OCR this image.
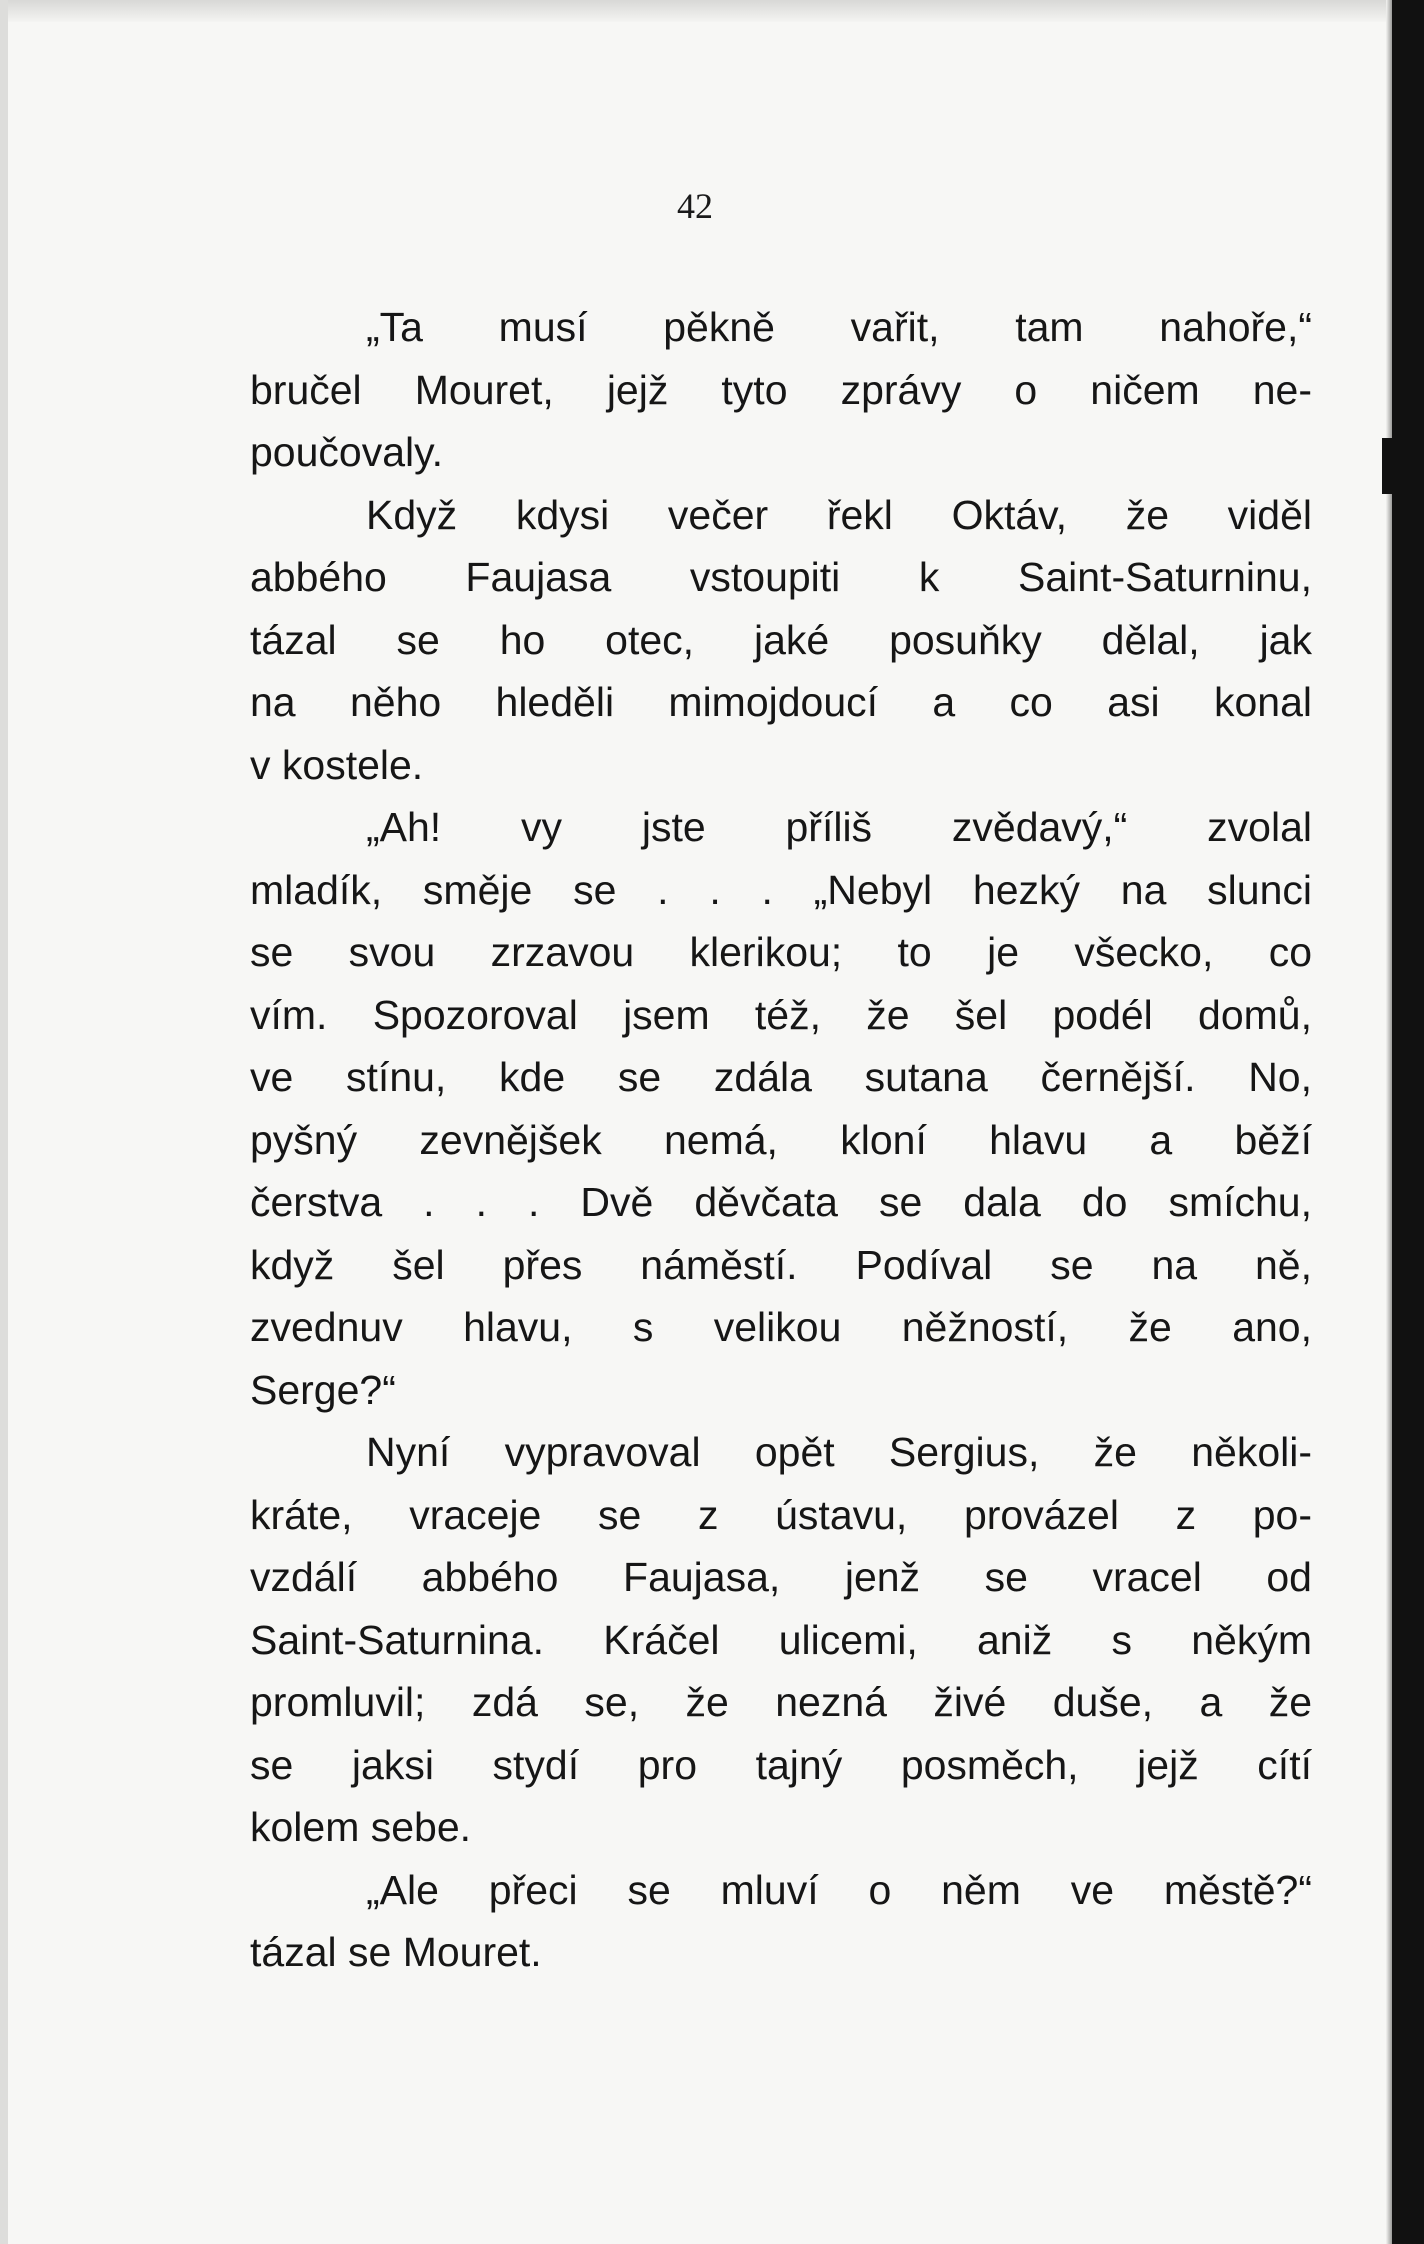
42
„Ta musí pěkně vařit, tam nahoře,“
bručel Mouret, jejž tyto zprávy o ničem ne-
poučovaly.
Když kdysi večer řekl Oktáv, že viděl
abbého Faujasa vstoupiti k Saint-Saturninu,
tázal se ho otec, jaké posuňky dělal, jak
na něho hleděli mimojdoucí a co asi konal
v kostele.
„Ah! vy jste příliš zvědavý,“ zvolal
mladík, směje se . . . „Nebyl hezký na slunci
se svou zrzavou klerikou; to je všecko, co
vím. Spozoroval jsem též, že šel podél domů,
ve stínu, kde se zdála sutana černější. No,
pyšný zevnějšek nemá, kloní hlavu a běží
čerstva . . . Dvě děvčata se dala do smíchu,
když šel přes náměstí. Podíval se na ně,
zvednuv hlavu, s velikou něžností, že ano,
Serge?“
Nyní vypravoval opět Sergius, že několi-
kráte, vraceje se z ústavu, provázel z po-
vzdálí abbého Faujasa, jenž se vracel od
Saint-Saturnina. Kráčel ulicemi, aniž s někým
promluvil; zdá se, že nezná živé duše, a že
se jaksi stydí pro tajný posměch, jejž cítí
kolem sebe.
„Ale přeci se mluví o něm ve městě?“
tázal se Mouret.
